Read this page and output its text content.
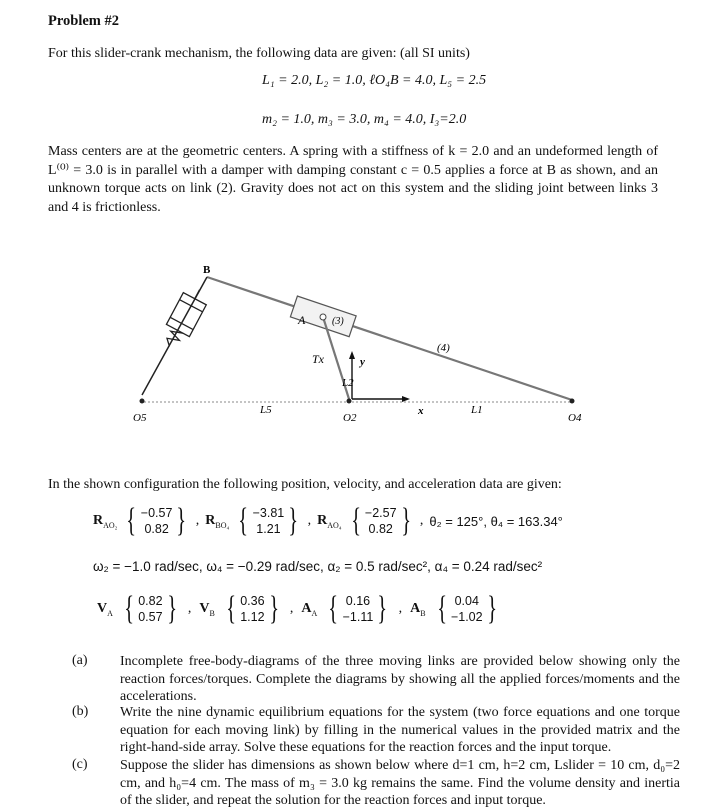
Problem #2
For this slider-crank mechanism, the following data are given: (all SI units)
L₁ = 2.0, L₂ = 1.0, ℓO₄B = 4.0, L₅ = 2.5
m₂ = 1.0, m₃ = 3.0, m₄ = 4.0, I₃=2.0
Mass centers are at the geometric centers. A spring with a stiffness of k = 2.0 and an undeformed length of L⁽⁰⁾ = 3.0 is in parallel with a damper with damping constant c = 0.5 applies a force at B as shown, and an unknown torque acts on link (2). Gravity does not act on this system and the sliding joint between links 3 and 4 is frictionless.
B
A	(3)
(4)
Tx
L2
y
x
O5
L5
O2
L1
O4
In the shown configuration the following position, velocity, and acceleration data are given:
$R_{AO_2}$ { −0.57
0.82 } , $R_{BO_4}$ { −3.81
1.21 } , $R_{AO_4}$ { −2.57
0.82 } , θ₂ = 125°, θ₄ = 163.34°
ω₂ = −1.0 rad/sec, ω₄ = −0.29 rad/sec, α₂ = 0.5 rad/sec², α₄ = 0.24 rad/sec²
$V_A$ { 0.82
0.57 } , $V_B$ { 0.36
1.12 } , $A_A$ { 0.16
−1.11 } , $A_B$ { 0.04
−1.02 }
(a) Incomplete free-body-diagrams of the three moving links are provided below showing only the reaction forces/torques. Complete the diagrams by showing all the applied forces/moments and the accelerations.
(b) Write the nine dynamic equilibrium equations for the system (two force equations and one torque equation for each moving link) by filling in the numerical values in the provided matrix and the right-hand-side array. Solve these equations for the reaction forces and the input torque.
(c) Suppose the slider has dimensions as shown below where d=1 cm, h=2 cm, Lslider = 10 cm, d₀=2 cm, and h₀=4 cm. The mass of m₃ = 3.0 kg remains the same. Find the volume density and inertia of the slider, and repeat the solution for the reaction forces and input torque.
